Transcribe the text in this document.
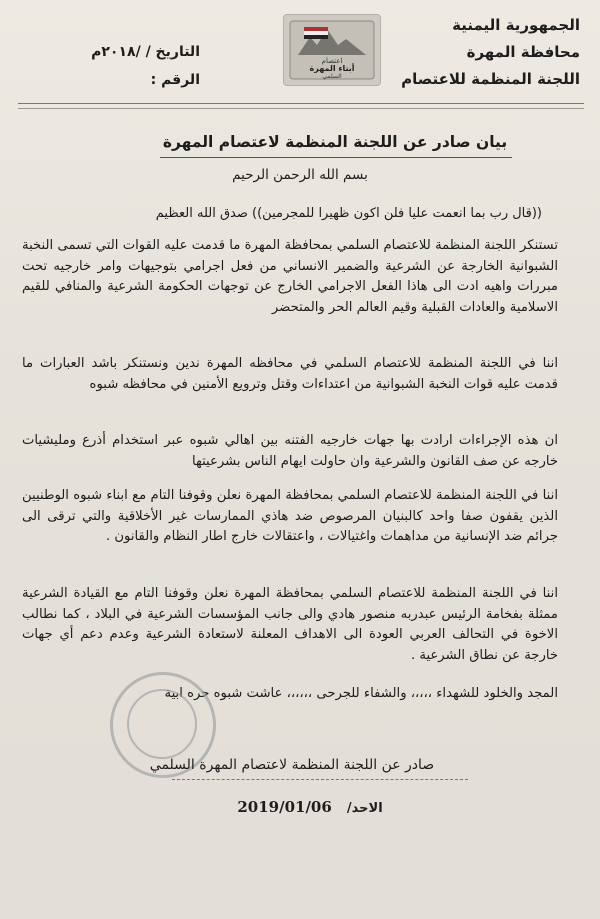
الجمهورية اليمنية
محافظة المهرة
اللجنة المنظمة للاعتصام
اعتصام
أبناء المهرة
السلمي
التاريخ / /٢٠١٨م
الرقم :
بيان صادر عن اللجنة المنظمة لاعتصام المهرة
بسم الله الرحمن الرحيم
((قال رب بما انعمت عليا فلن اكون ظهيرا للمجرمين)) صدق الله العظيم
تستنكر اللجنة المنظمة للاعتصام السلمي بمحافظة المهرة ما قدمت عليه القوات التي تسمى النخبة الشبوانية الخارجة عن الشرعية والضمير الانساني من فعل اجرامي بتوجيهات وامر خارجيه تحت مبررات واهيه ادت الى هاذا الفعل الاجرامي الخارج عن توجهات الحكومة الشرعية والمنافي للقيم الاسلامية والعادات القبلية وقيم العالم الحر والمتحضر
اننا في اللجنة المنظمة للاعتصام السلمي في محافظه المهرة ندين ونستنكر باشد العبارات ما قدمت عليه قوات النخبة الشبوانية من اعتداءات وقتل وترويع الأمنين في محافظه شبوه
ان هذه الإجراءات ارادت بها جهات خارجيه الفتنه بين اهالي شبوه عبر استخدام أذرع ومليشيات خارجه عن صف القانون والشرعية وان حاولت ايهام الناس بشرعيتها
اننا في اللجنة المنظمة للاعتصام السلمي بمحافظة المهرة نعلن وقوفنا التام مع ابناء شبوه الوطنيين الذين يقفون صفا واحد كالبنيان المرصوص ضد هاذي الممارسات غير الأخلاقية والتي ترقى الى جرائم ضد الإنسانية من مداهمات واغتيالات ، واعتقالات خارج اطار النظام والقانون .
اننا في اللجنة المنظمة للاعتصام السلمي بمحافظة المهرة نعلن وقوفنا التام مع القيادة الشرعية ممثلة بفخامة الرئيس عبدربه منصور هادي والى جانب المؤسسات الشرعية في البلاد ، كما نطالب الاخوة في التحالف العربي العودة الى الاهداف المعلنة لاستعادة الشرعية وعدم دعم أي جهات خارجة عن نطاق الشرعية .
المجد والخلود للشهداء ،،،،، والشفاء للجرحى ،،،،،، عاشت شبوه حره ابية
صادر عن اللجنة المنظمة لاعتصام المهرة السلمي
الاحد/ 2019/01/06
